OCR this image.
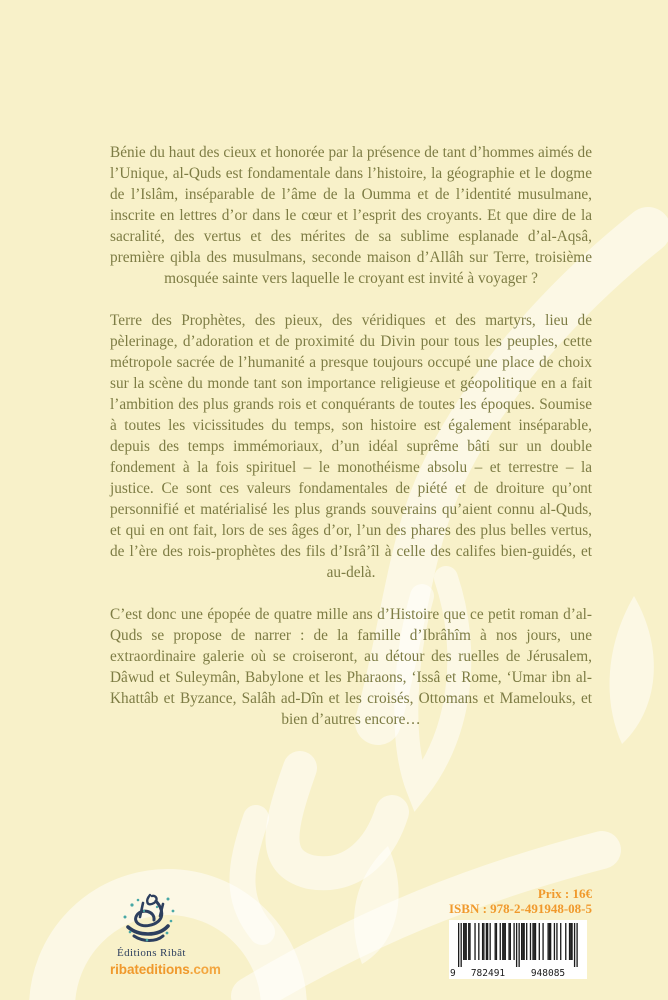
Bénie du haut des cieux et honorée par la présence de tant d’hommes aimés de l’Unique, al-Quds est fondamentale dans l’histoire, la géographie et le dogme de l’Islâm, inséparable de l’âme de la Oumma et de l’identité musulmane, inscrite en lettres d’or dans le cœur et l’esprit des croyants. Et que dire de la sacralité, des vertus et des mérites de sa sublime esplanade d’al-Aqsâ, première qibla des musulmans, seconde maison d’Allâh sur Terre, troisième mosquée sainte vers laquelle le croyant est invité à voyager ?

Terre des Prophètes, des pieux, des véridiques et des martyrs, lieu de pèlerinage, d’adoration et de proximité du Divin pour tous les peuples, cette métropole sacrée de l’humanité a presque toujours occupé une place de choix sur la scène du monde tant son importance religieuse et géopolitique en a fait l’ambition des plus grands rois et conquérants de toutes les époques. Soumise à toutes les vicissitudes du temps, son histoire est également inséparable, depuis des temps immémoriaux, d’un idéal suprême bâti sur un double fondement à la fois spirituel – le monothéisme absolu – et terrestre – la justice. Ce sont ces valeurs fondamentales de piété et de droiture qu’ont personnifié et matérialisé les plus grands souverains qu’aient connu al-Quds, et qui en ont fait, lors de ses âges d’or, l’un des phares des plus belles vertus, de l’ère des rois-prophètes des fils d’Isrâ’îl à celle des califes bien-guidés, et au-delà.

C’est donc une épopée de quatre mille ans d’Histoire que ce petit roman d’al-Quds se propose de narrer : de la famille d’Ibrâhîm à nos jours, une extraordinaire galerie où se croiseront, au détour des ruelles de Jérusalem, Dâwud et Suleymân, Babylone et les Pharaons, ‘Issâ et Rome, ‘Umar ibn al-Khattâb et Byzance, Salâh ad-Dîn et les croisés, Ottomans et Mamelouks, et bien d’autres encore…

Éditions Ribât
ribateditions.com
Prix : 16€
ISBN : 978-2-491948-08-5
9 782491	948085
